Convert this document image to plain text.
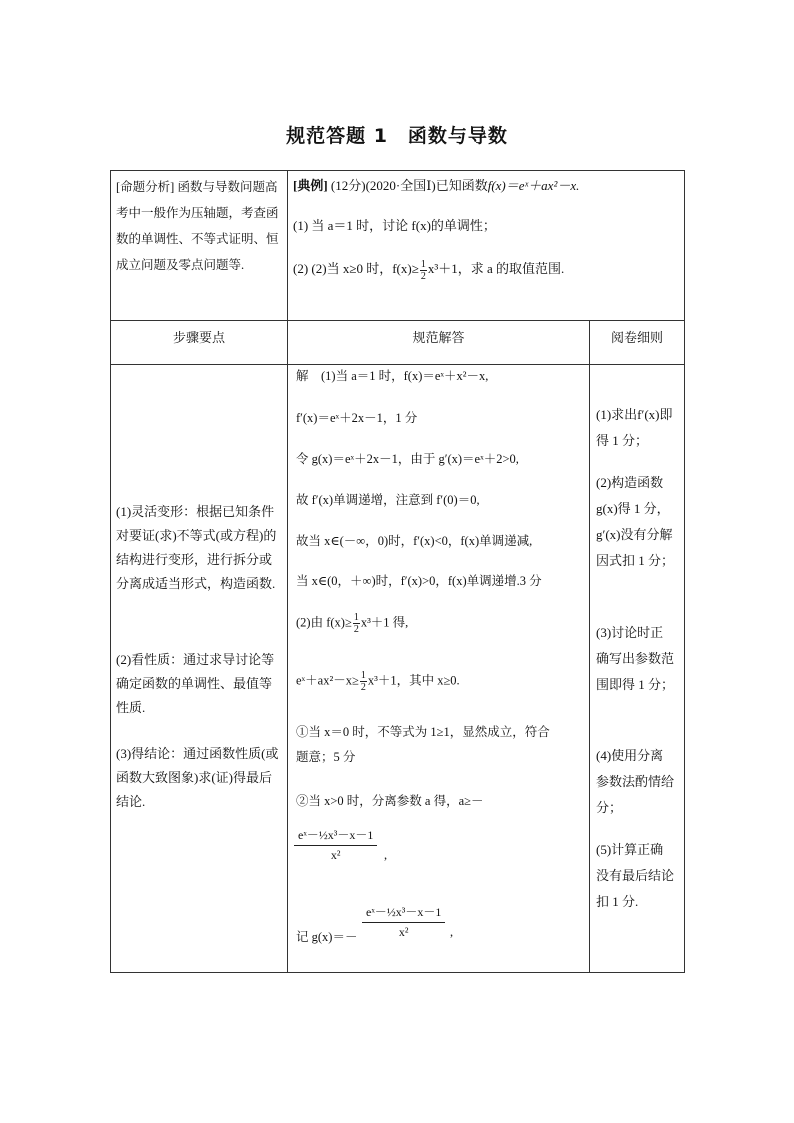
规范答题 1　函数与导数
[命题分析] 函数与导数问题高考中一般作为压轴题，考查函数的单调性、不等式证明、恒成立问题及零点问题等.
[典例] (12分)(2020·全国Ⅰ)已知函数f(x)＝eˣ＋ax²－x.
(1) 当 a＝1 时，讨论 f(x)的单调性；
(2) (2)当 x≥0 时，$f(x)\ge \frac{1}{2} x^3+1$，求 a 的取值范围.
步骤要点	规范解答	阅卷细则
(1)灵活变形：根据已知条件对要证(求)不等式(或方程)的结构进行变形，进行拆分或分离成适当形式，构造函数.
(2)看性质：通过求导讨论等确定函数的单调性、最值等性质.
(3)得结论：通过函数性质(或函数大致图象)求(证)得最后结论.
解　(1)当 a＝1 时，f(x)＝eˣ＋x²－x,
f′(x)＝eˣ＋2x－1，1 分
令 g(x)＝eˣ＋2x－1，由于 g′(x)＝eˣ＋2>0,
故 f′(x)单调递增，注意到 f′(0)＝0,
故当 x∈(－∞，0)时，f′(x)<0，f(x)单调递减,
当 x∈(0，＋∞)时，f′(x)>0，f(x)单调递增.3 分
(2)由 $f(x)\ge \frac{1}{2} x^3+1$ 得,
eˣ＋ax²－x≥ $\frac{1}{2} x^3+1$，其中 x≥0.
①当 x＝0 时，不等式为 1≥1，显然成立，符合
题意；5 分
②当 x>0 时，分离参数 a 得，a≥－
$\frac{\text{eˣ－½x³－x－1}}{\text{x²}}$ ,
记 $g(x)=- \frac{\text{eˣ－½x³－x－1}}{\text{x²}}$ ,
(1)求出f′(x)即得 1 分；
(2)构造函数g(x)得 1 分，g′(x)没有分解因式扣 1 分；
(3)讨论时正确写出参数范围即得 1 分；
(4)使用分离参数法酌情给分；
(5)计算正确没有最后结论扣 1 分.
